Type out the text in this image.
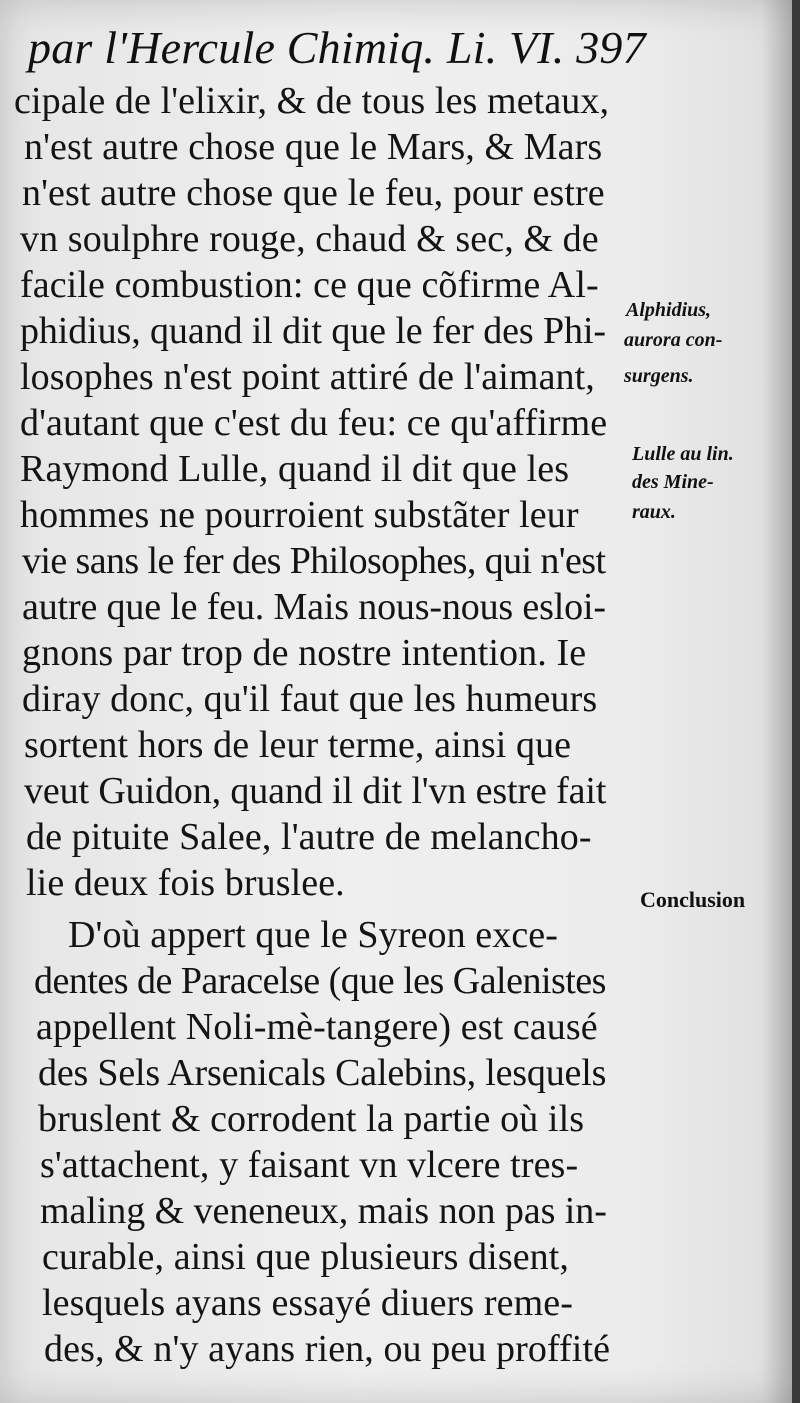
par l'Hercule Chimiq. Li. VI. 397
cipale de l'elixir, & de tous les metaux,
n'est autre chose que le Mars, & Mars
n'est autre chose que le feu, pour estre
vn soulphre rouge, chaud & sec, & de
facile combustion: ce que cõfirme Al-
phidius, quand il dit que le fer des Phi-
losophes n'est point attiré de l'aimant,
d'autant que c'est du feu: ce qu'affirme
Raymond Lulle, quand il dit que les
hommes ne pourroient substãter leur
vie sans le fer des Philosophes, qui n'est
autre que le feu. Mais nous-nous esloi-
gnons par trop de nostre intention. Ie
diray donc, qu'il faut que les humeurs
sortent hors de leur terme, ainsi que
veut Guidon, quand il dit l'vn estre fait
de pituite Salee, l'autre de melancho-
lie deux fois bruslee.
D'où appert que le Syreon exce-
dentes de Paracelse (que les Galenistes
appellent Noli-mè-tangere) est causé
des Sels Arsenicals Calebins, lesquels
bruslent & corrodent la partie où ils
s'attachent, y faisant vn vlcere tres-
maling & veneneux, mais non pas in-
curable, ainsi que plusieurs disent,
lesquels ayans essayé diuers reme-
des, & n'y ayans rien, ou peu proffité
Alphidius,
aurora con-
surgens.
Lulle au lin.
des Mine-
raux.
Conclusion
